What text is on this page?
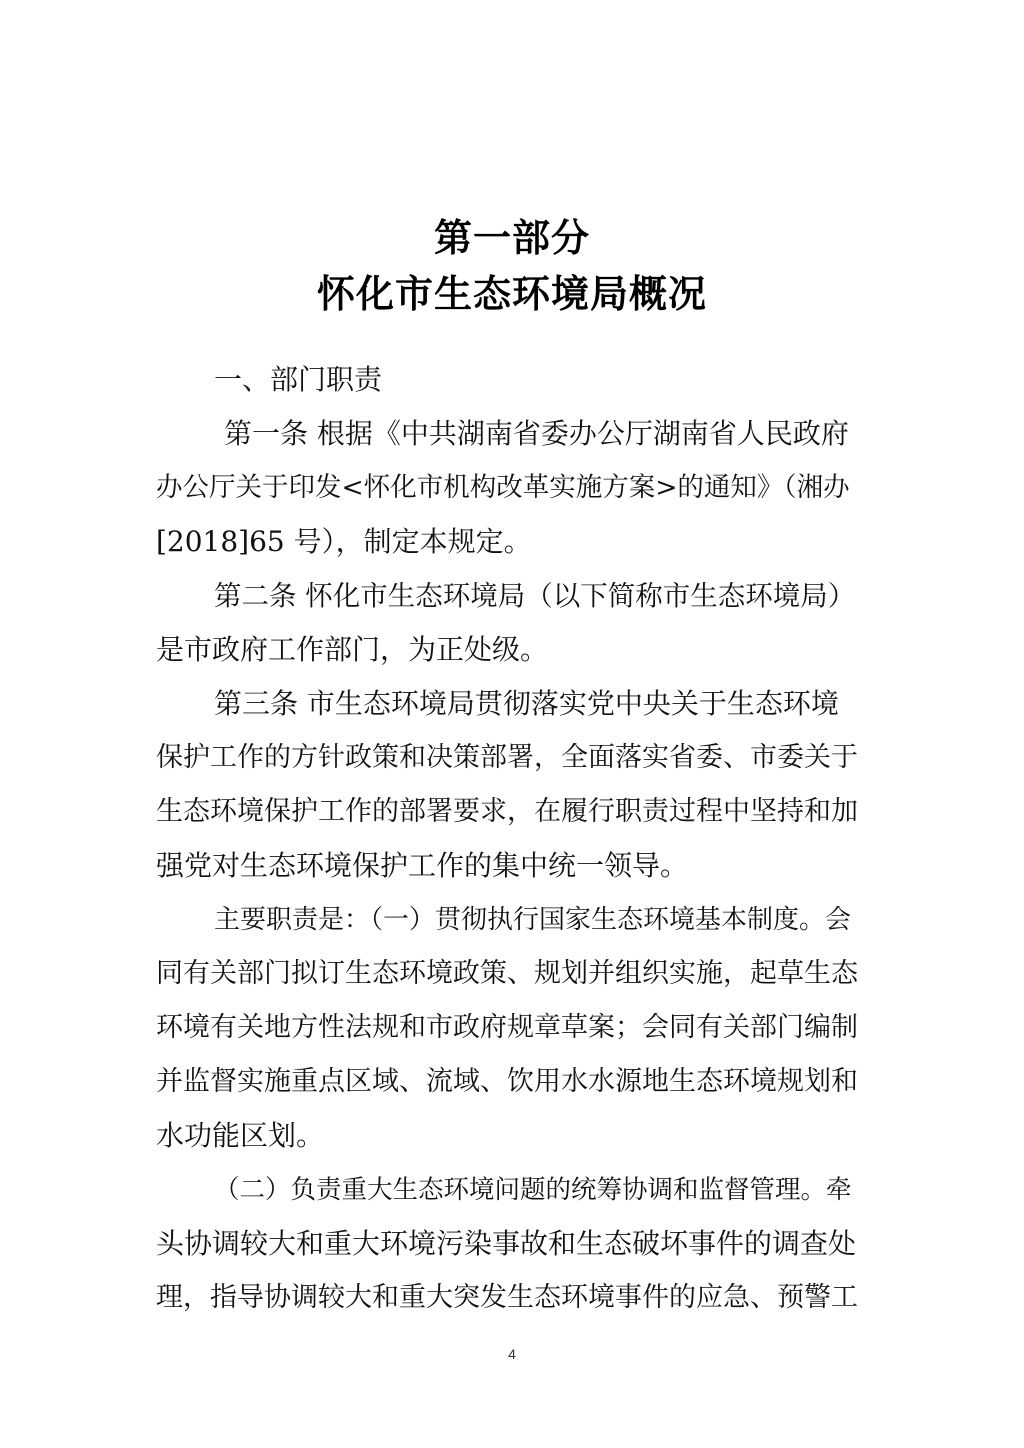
第一部分
怀化市生态环境局概况
一、部门职责
第一条 根据《中共湖南省委办公厅湖南省人民政府
办公厅关于印发<怀化市机构改革实施方案>的通知》（湘办
[2018]65 号），制定本规定。
第二条 怀化市生态环境局（以下简称市生态环境局）
是市政府工作部门，为正处级。
第三条 市生态环境局贯彻落实党中央关于生态环境
保护工作的方针政策和决策部署，全面落实省委、市委关于
生态环境保护工作的部署要求，在履行职责过程中坚持和加
强党对生态环境保护工作的集中统一领导。
主要职责是：（一）贯彻执行国家生态环境基本制度。会
同有关部门拟订生态环境政策、规划并组织实施，起草生态
环境有关地方性法规和市政府规章草案；会同有关部门编制
并监督实施重点区域、流域、饮用水水源地生态环境规划和
水功能区划。
（二）负责重大生态环境问题的统筹协调和监督管理。牵
头协调较大和重大环境污染事故和生态破坏事件的调查处
理，指导协调较大和重大突发生态环境事件的应急、预警工
4
